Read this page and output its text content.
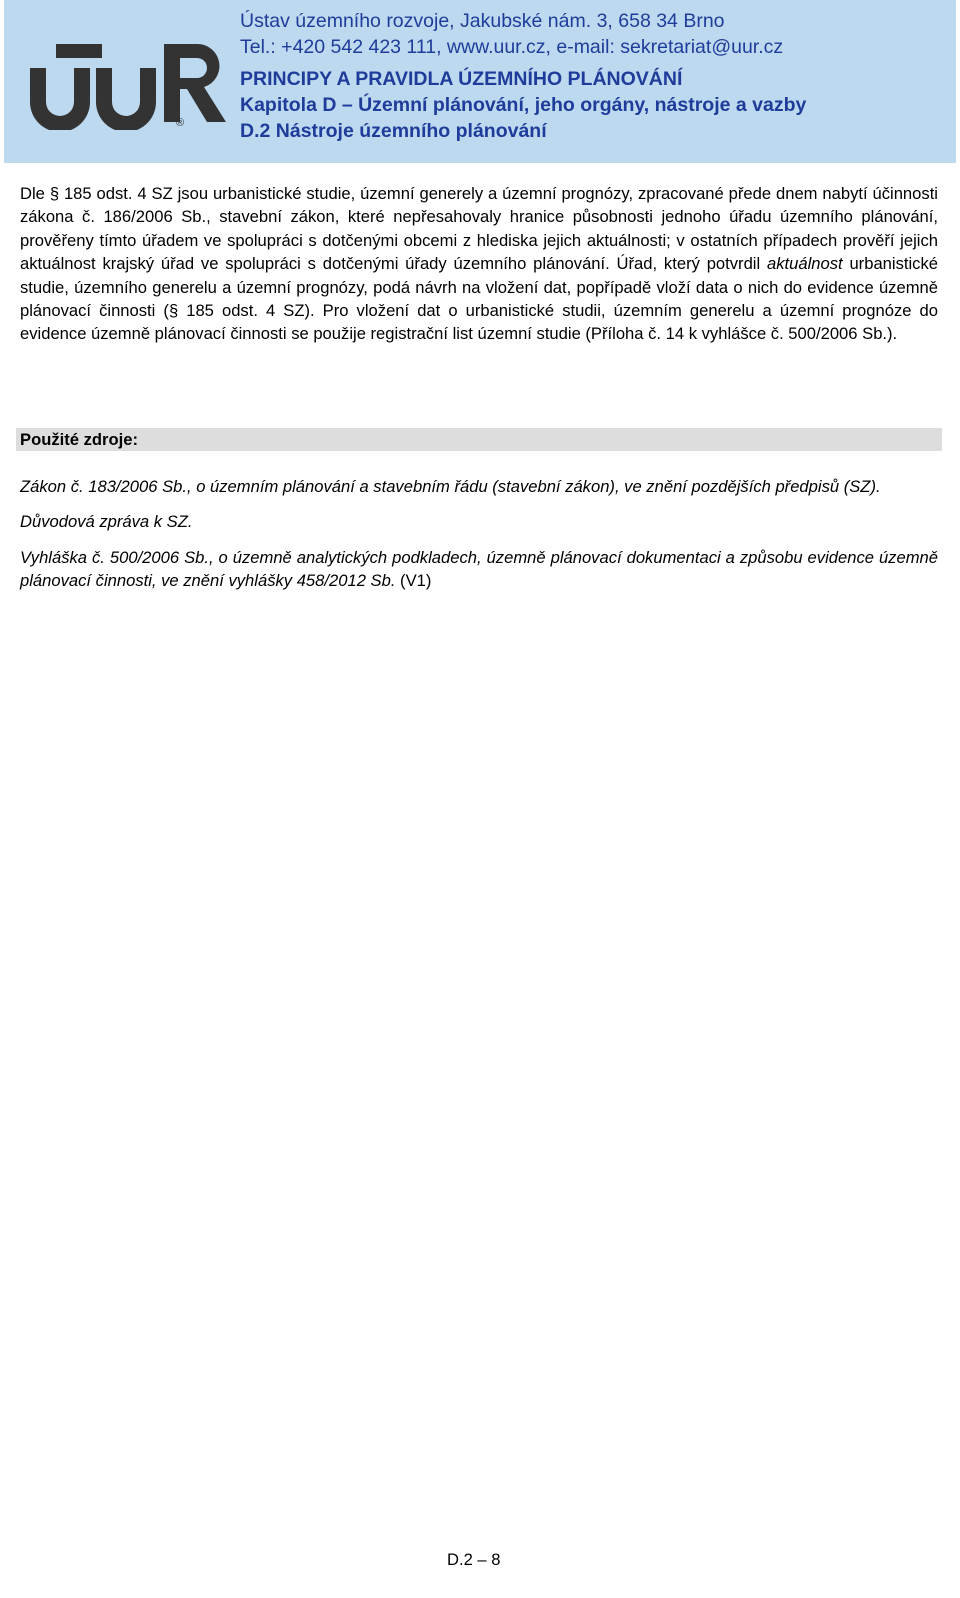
®
Ústav územního rozvoje, Jakubské nám. 3, 658 34 Brno
Tel.: +420 542 423 111, www.uur.cz, e-mail: sekretariat@uur.cz
PRINCIPY A PRAVIDLA ÚZEMNÍHO PLÁNOVÁNÍ
Kapitola D – Územní plánování, jeho orgány, nástroje a vazby
D.2 Nástroje územního plánování

Dle § 185 odst. 4 SZ jsou urbanistické studie, územní generely a územní prognózy, zpracované přede dnem nabytí účinnosti zákona č. 186/2006 Sb., stavební zákon, které nepřesahovaly hranice působnosti jednoho úřadu územního plánování, prověřeny tímto úřadem ve spolupráci s dotčenými obcemi z hlediska jejich aktuálnosti; v ostatních případech prověří jejich aktuálnost krajský úřad ve spolupráci s dotčenými úřady územního plánování. Úřad, který potvrdil aktuálnost urbanistické studie, územního generelu a územní prognózy, podá návrh na vložení dat, popřípadě vloží data o nich do evidence územně plánovací činnosti (§ 185 odst. 4 SZ). Pro vložení dat o urbanistické studii, územním generelu a územní prognóze do evidence územně plánovací činnosti se použije registrační list územní studie (Příloha č. 14 k vyhlášce č. 500/2006 Sb.).

Použité zdroje:

Zákon č. 183/2006 Sb., o územním plánování a stavebním řádu (stavební zákon), ve znění pozdějších předpisů (SZ).

Důvodová zpráva k SZ.

Vyhláška č. 500/2006 Sb., o územně analytických podkladech, územně plánovací dokumentaci a způsobu evidence územně plánovací činnosti, ve znění vyhlášky 458/2012 Sb. (V1)

D.2 – 8
